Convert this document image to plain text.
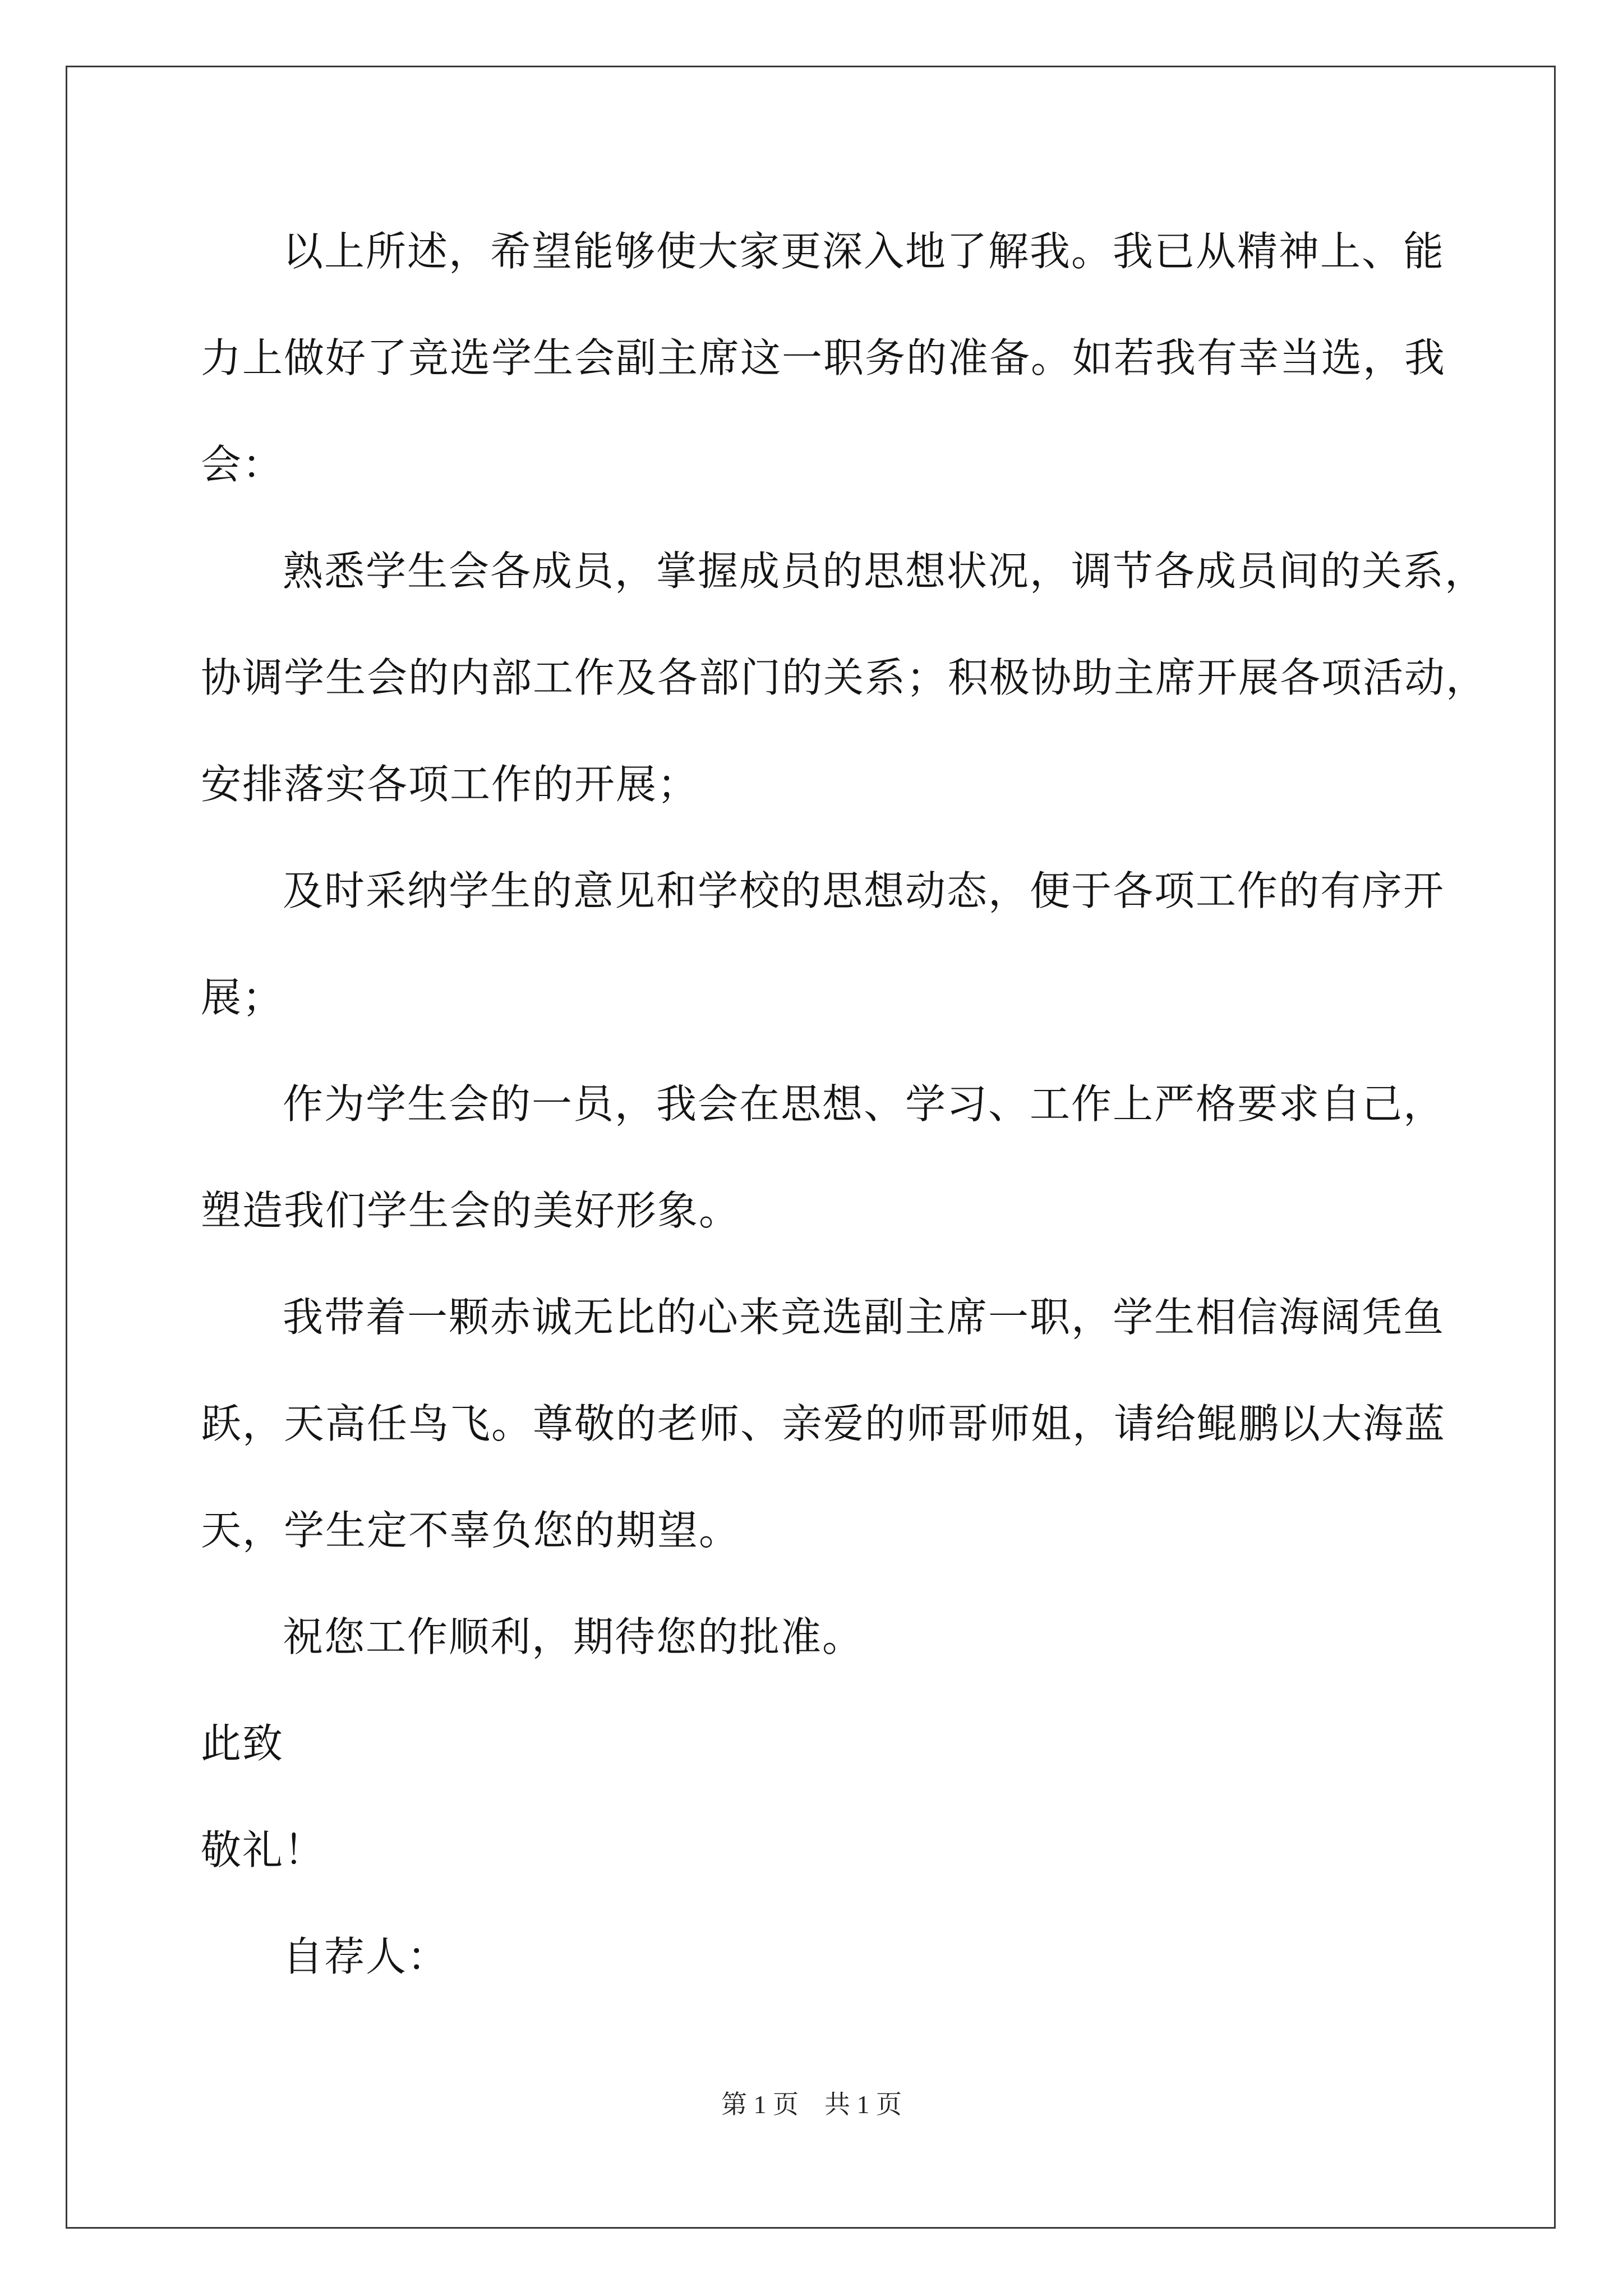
以上所述，希望能够使大家更深入地了解我。我已从精神上、能

力上做好了竞选学生会副主席这一职务的准备。如若我有幸当选，我

会：

熟悉学生会各成员，掌握成员的思想状况，调节各成员间的关系，

协调学生会的内部工作及各部门的关系；积极协助主席开展各项活动，

安排落实各项工作的开展；

及时采纳学生的意见和学校的思想动态，便于各项工作的有序开

展；

作为学生会的一员，我会在思想、学习、工作上严格要求自己，

塑造我们学生会的美好形象。

我带着一颗赤诚无比的心来竞选副主席一职，学生相信海阔凭鱼

跃，天高任鸟飞。尊敬的老师、亲爱的师哥师姐，请给鲲鹏以大海蓝

天，学生定不辜负您的期望。

祝您工作顺利，期待您的批准。

此致

敬礼！

自荐人：

第 1 页　共 1 页
